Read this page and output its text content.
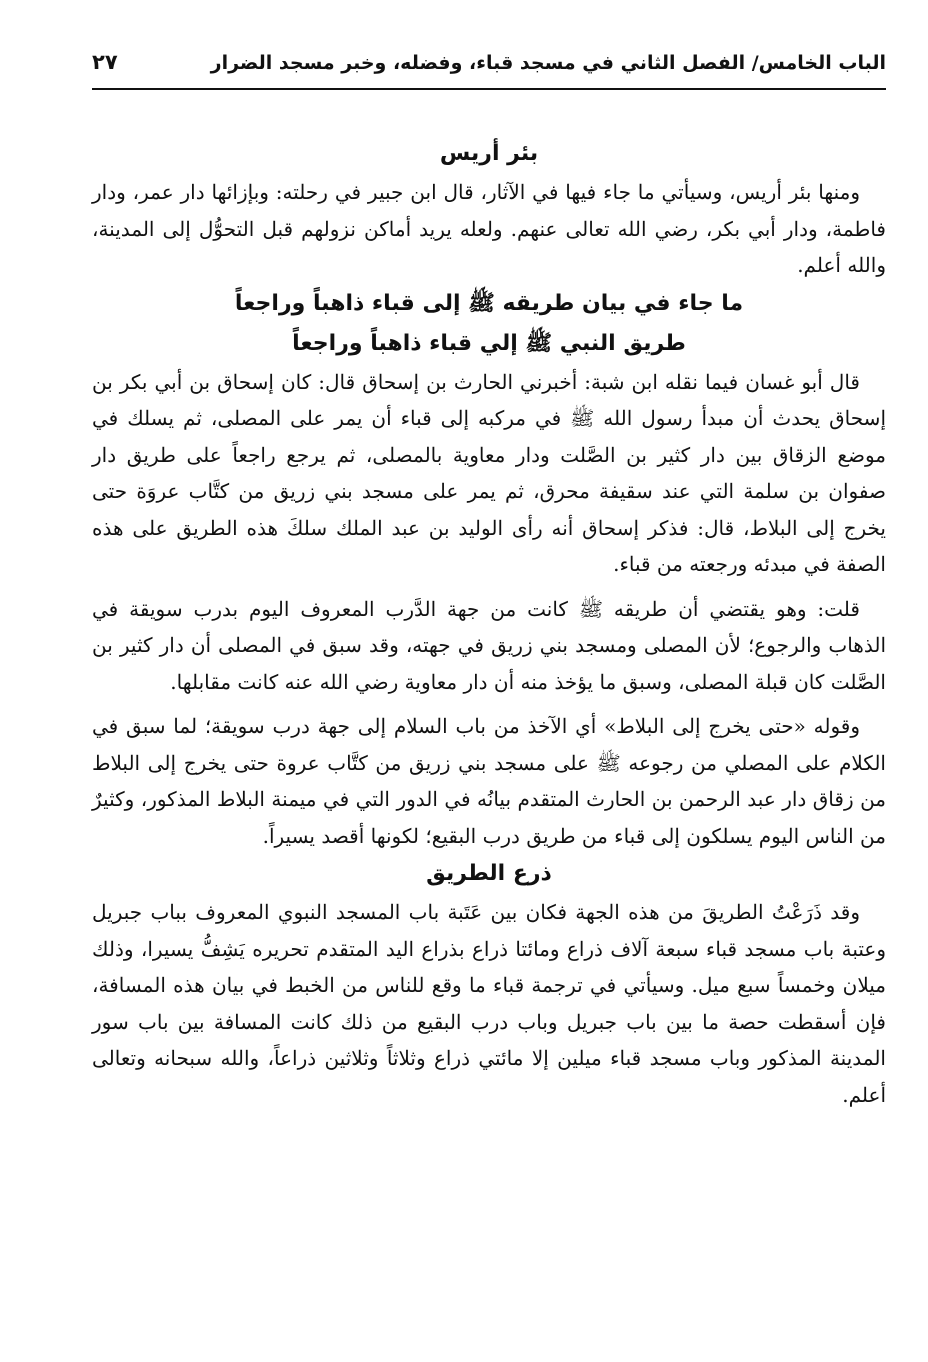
الباب الخامس/ الفصل الثاني في مسجد قباء، وفضله، وخبر مسجد الضرار
٢٧
بئر أريس

ومنها بئر أريس، وسيأتي ما جاء فيها في الآثار، قال ابن جبير في رحلته: وبإزائها دار عمر، ودار فاطمة، ودار أبي بكر، رضي الله تعالى عنهم. ولعله يريد أماكن نزولهم قبل التحوُّل إلى المدينة، والله أعلم.

ما جاء في بيان طريقه ﷺ إلى قباء ذاهباً وراجعاً
طريق النبي ﷺ إلي قباء ذاهباً وراجعاً

قال أبو غسان فيما نقله ابن شبة: أخبرني الحارث بن إسحاق قال: كان إسحاق بن أبي بكر بن إسحاق يحدث أن مبدأ رسول الله ﷺ في مركبه إلى قباء أن يمر على المصلى، ثم يسلك في موضع الزقاق بين دار كثير بن الصَّلت ودار معاوية بالمصلى، ثم يرجع راجعاً على طريق دار صفوان بن سلمة التي عند سقيفة محرق، ثم يمر على مسجد بني زريق من كتَّاب عروَة حتى يخرج إلى البلاط، قال: فذكر إسحاق أنه رأى الوليد بن عبد الملك سلكَ هذه الطريق على هذه الصفة في مبدئه ورجعته من قباء.

قلت: وهو يقتضي أن طريقه ﷺ كانت من جهة الدَّرب المعروف اليوم بدرب سويقة في الذهاب والرجوع؛ لأن المصلى ومسجد بني زريق في جهته، وقد سبق في المصلى أن دار كثير بن الصَّلت كان قبلة المصلى، وسبق ما يؤخذ منه أن دار معاوية رضي الله عنه كانت مقابلها.

وقوله «حتى يخرج إلى البلاط» أي الآخذ من باب السلام إلى جهة درب سويقة؛ لما سبق في الكلام على المصلي من رجوعه ﷺ على مسجد بني زريق من كتَّاب عروة حتى يخرج إلى البلاط من زقاق دار عبد الرحمن بن الحارث المتقدم بيانُه في الدور التي في ميمنة البلاط المذكور، وكثيرٌ من الناس اليوم يسلكون إلى قباء من طريق درب البقيع؛ لكونها أقصد يسيراً.

ذرع الطريق

وقد ذَرَعْتُ الطريقَ من هذه الجهة فكان بين عَتَبة باب المسجد النبوي المعروف بباب جبريل وعتبة باب مسجد قباء سبعة آلاف ذراع ومائتا ذراع بذراع اليد المتقدم تحريره يَشِفُّ يسيرا، وذلك ميلان وخمساً سبع ميل. وسيأتي في ترجمة قباء ما وقع للناس من الخبط في بيان هذه المسافة، فإن أسقطت حصة ما بين باب جبريل وباب درب البقيع من ذلك كانت المسافة بين باب سور المدينة المذكور وباب مسجد قباء ميلين إلا مائتي ذراع وثلاثاً وثلاثين ذراعاً، والله سبحانه وتعالى أعلم.
